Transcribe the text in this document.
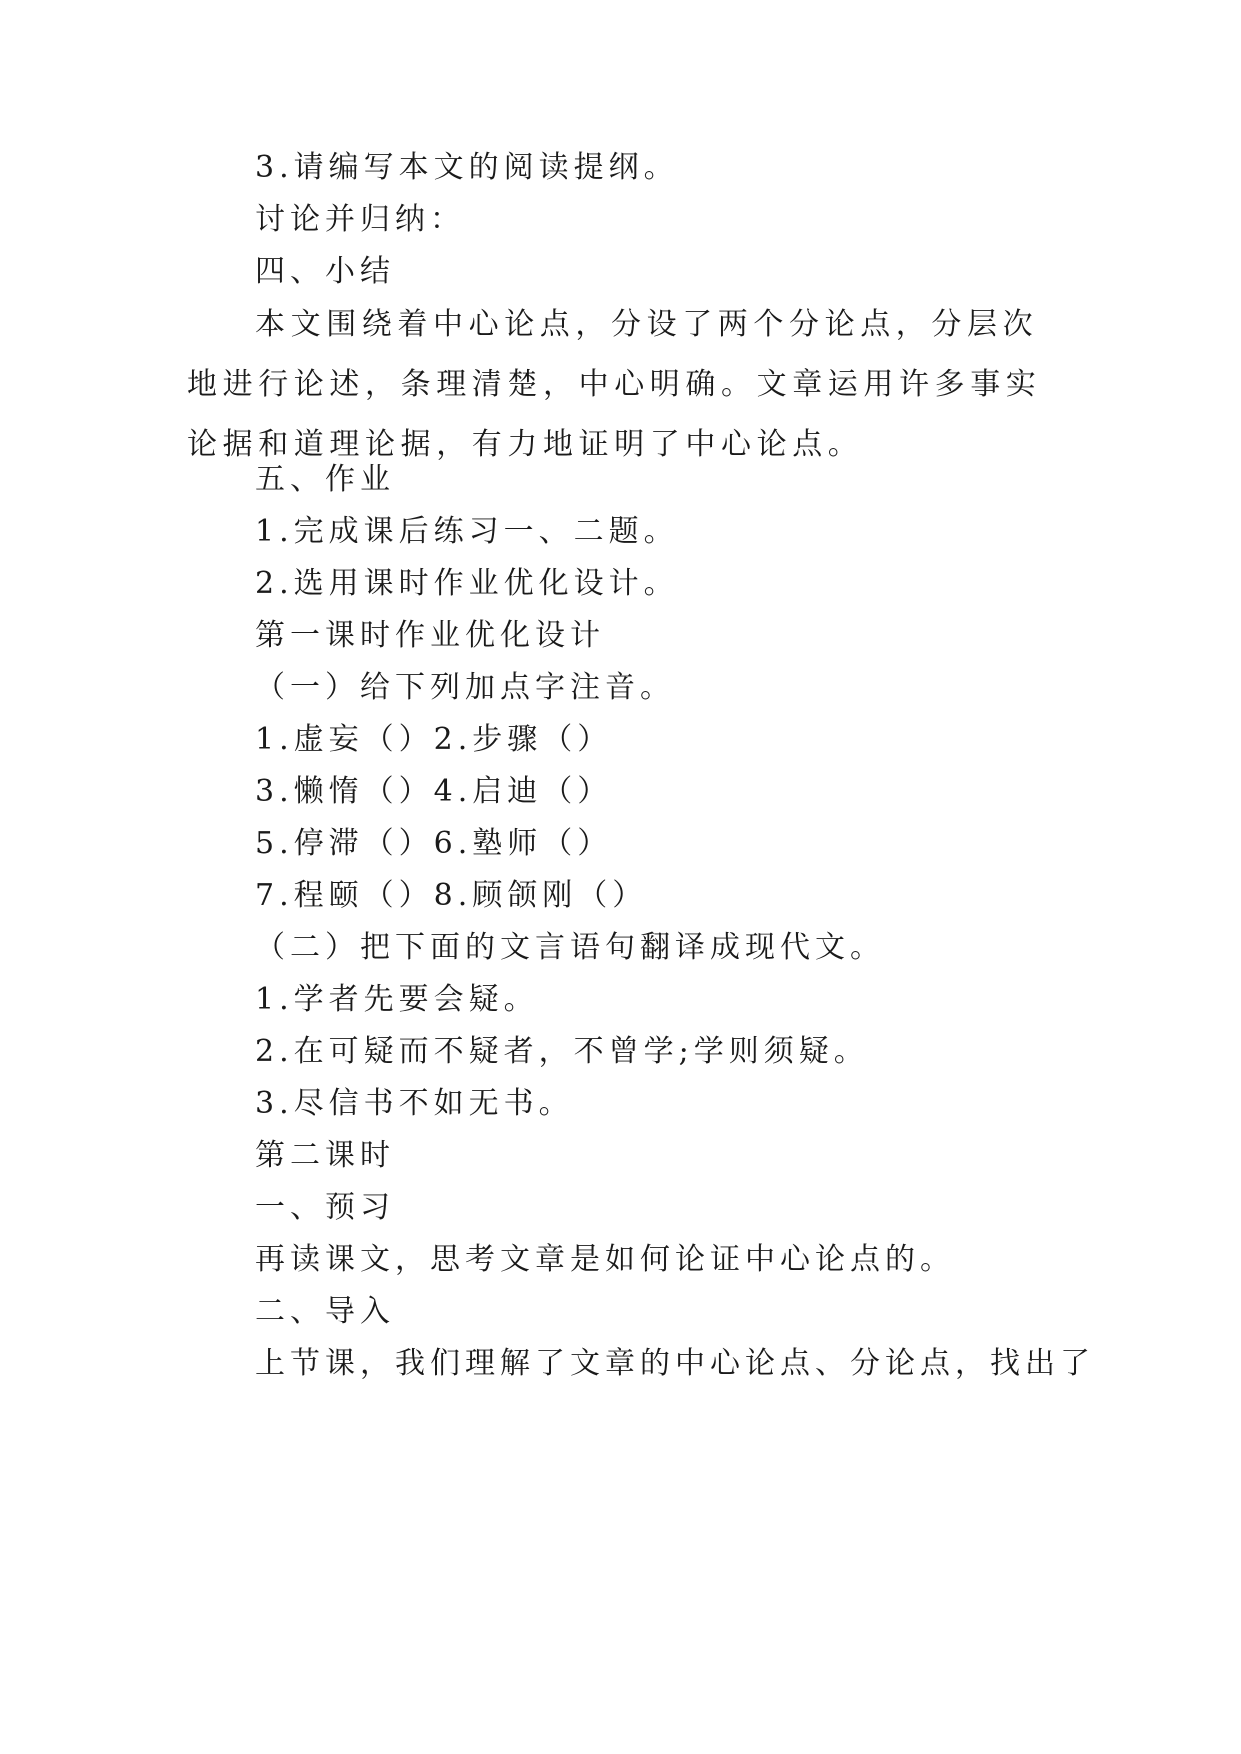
3.请编写本文的阅读提纲。
讨论并归纳：
四、小结
本文围绕着中心论点，分设了两个分论点，分层次地进行论述，条理清楚，中心明确。文章运用许多事实论据和道理论据，有力地证明了中心论点。
五、作业
1.完成课后练习一、二题。
2.选用课时作业优化设计。
第一课时作业优化设计
（一）给下列加点字注音。
1.虚妄（）2.步骤（）
3.懒惰（）4.启迪（）
5.停滞（）6.塾师（）
7.程颐（）8.顾颌刚（）
（二）把下面的文言语句翻译成现代文。
1.学者先要会疑。
2.在可疑而不疑者，不曾学;学则须疑。
3.尽信书不如无书。
第二课时
一、预习
再读课文，思考文章是如何论证中心论点的。
二、导入
上节课，我们理解了文章的中心论点、分论点，找出了
